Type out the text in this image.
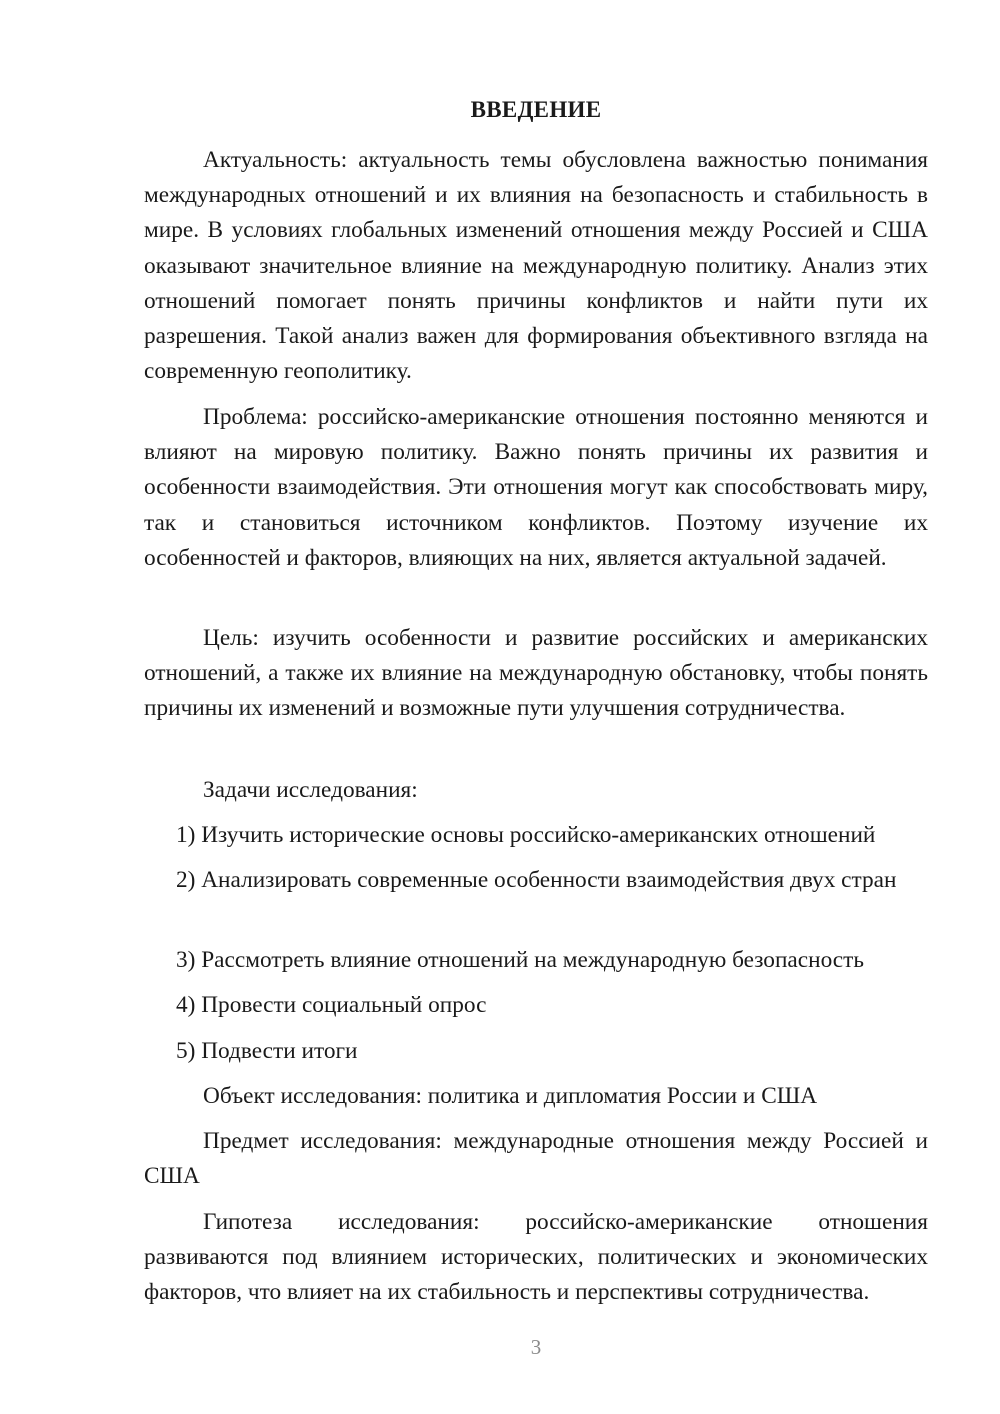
ВВЕДЕНИЕ

Актуальность: актуальность темы обусловлена важностью понимания международных отношений и их влияния на безопасность и стабильность в мире. В условиях глобальных изменений отношения между Россией и США оказывают значительное влияние на международную политику. Анализ этих отношений помогает понять причины конфликтов и найти пути их разрешения. Такой анализ важен для формирования объективного взгляда на современную геополитику.

Проблема: российско-американские отношения постоянно меняются и влияют на мировую политику. Важно понять причины их развития и особенности взаимодействия. Эти отношения могут как способствовать миру, так и становиться источником конфликтов. Поэтому изучение их особенностей и факторов, влияющих на них, является актуальной задачей.

Цель: изучить особенности и развитие российских и американских отношений, а также их влияние на международную обстановку, чтобы понять причины их изменений и возможные пути улучшения сотрудничества.

Задачи исследования:

1) Изучить исторические основы российско-американских отношений

2) Анализировать современные особенности взаимодействия двух стран

3) Рассмотреть влияние отношений на международную безопасность

4) Провести социальный опрос

5) Подвести итоги

Объект исследования: политика и дипломатия России и США

Предмет исследования: международные отношения между Россией и США

Гипотеза исследования: российско-американские отношения развиваются под влиянием исторических, политических и экономических факторов, что влияет на их стабильность и перспективы сотрудничества.

3
